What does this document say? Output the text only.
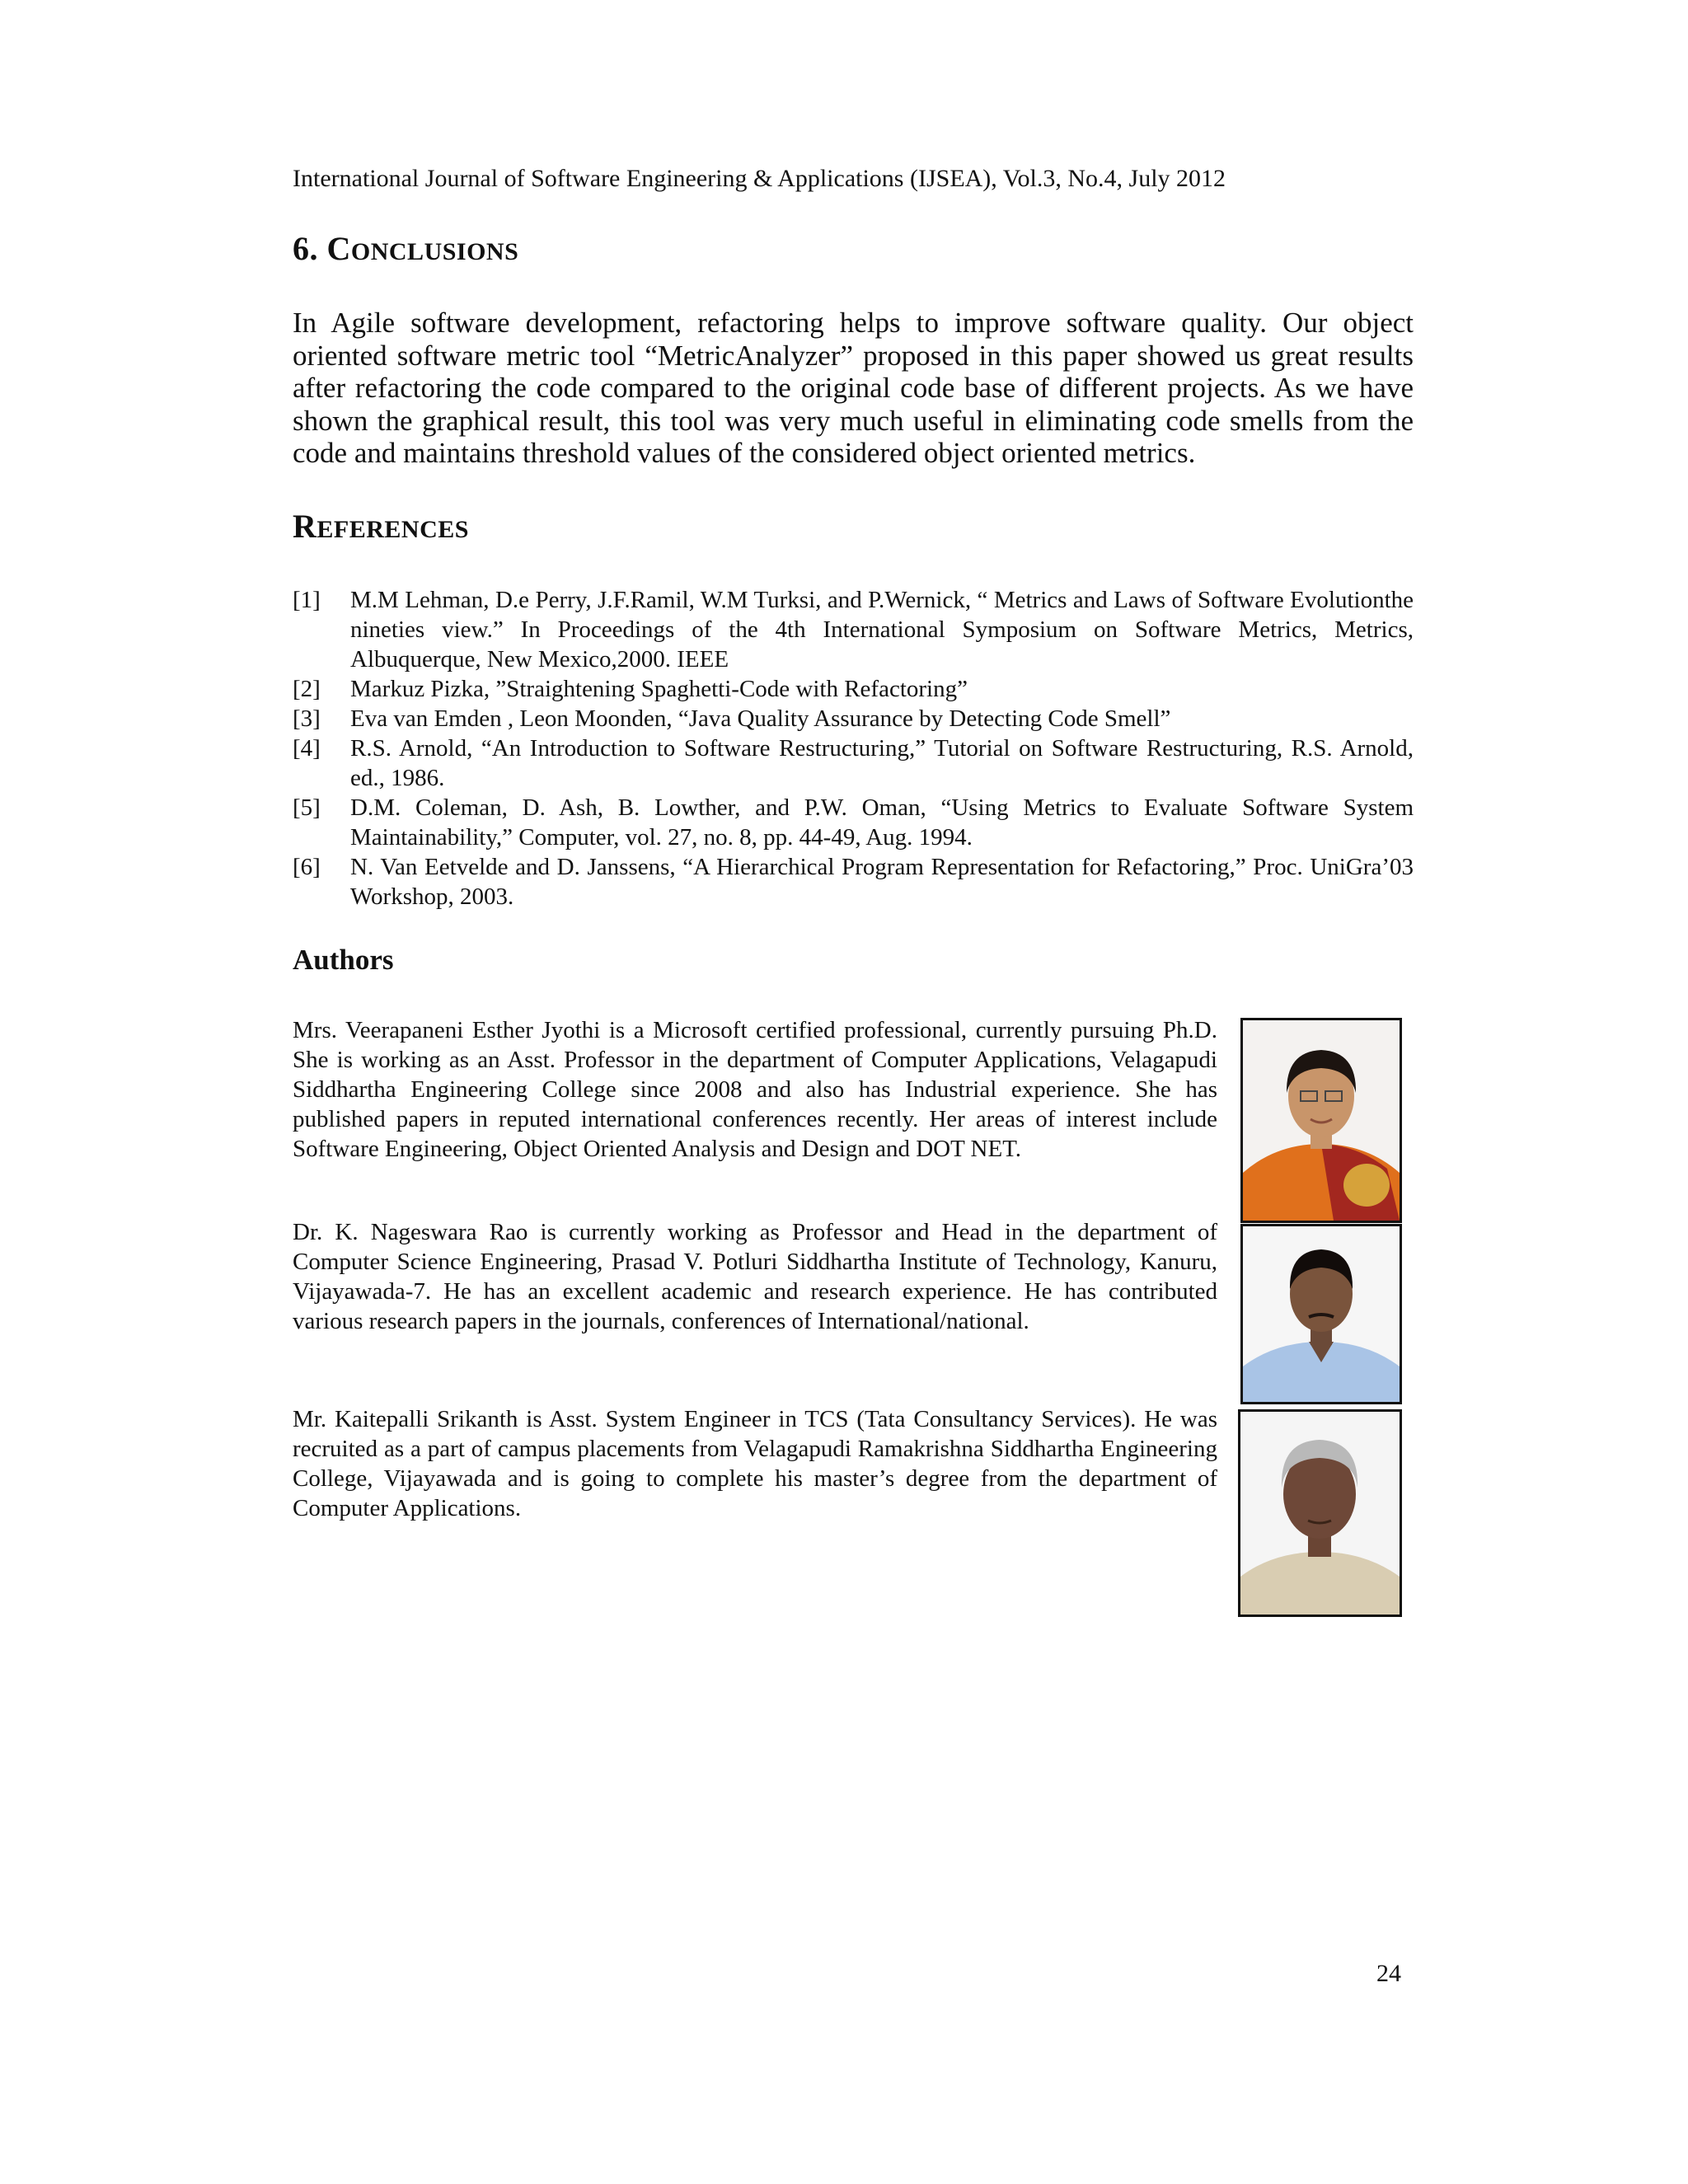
International Journal of Software Engineering & Applications (IJSEA), Vol.3, No.4, July 2012
6. CONCLUSIONS
In Agile software development, refactoring helps to improve software quality. Our object oriented software metric tool “MetricAnalyzer” proposed in this paper showed us great results after refactoring the code compared to the original code base of different projects. As we have shown the graphical result, this tool was very much useful in eliminating code smells from the code and maintains threshold values of the considered object oriented metrics.
REFERENCES
[1]	M.M Lehman, D.e Perry, J.F.Ramil, W.M Turksi, and P.Wernick, “ Metrics and Laws of Software Evolutionthe nineties view.” In Proceedings of the 4th International Symposium on Software Metrics, Metrics, Albuquerque, New Mexico,2000. IEEE
[2]	Markuz Pizka, ”Straightening Spaghetti-Code with Refactoring”
[3]	Eva van Emden , Leon Moonden, “Java Quality Assurance by Detecting Code Smell”
[4]	R.S. Arnold, “An Introduction to Software Restructuring,” Tutorial on Software Restructuring, R.S. Arnold, ed., 1986.
[5]	D.M. Coleman, D. Ash, B. Lowther, and P.W. Oman, “Using Metrics to Evaluate Software System Maintainability,” Computer, vol. 27, no. 8, pp. 44-49, Aug. 1994.
[6]	N. Van Eetvelde and D. Janssens, “A Hierarchical Program Representation for Refactoring,” Proc. UniGra’03 Workshop, 2003.
Authors
Mrs. Veerapaneni Esther Jyothi is a Microsoft certified professional, currently pursuing Ph.D. She is working as an Asst. Professor in the department of Computer Applications, Velagapudi Siddhartha Engineering College since 2008 and also has Industrial experience. She has published papers in reputed international conferences recently. Her areas of interest include Software Engineering, Object Oriented Analysis and Design and DOT NET.
Dr. K. Nageswara Rao is currently working as Professor and Head in the department of Computer Science Engineering, Prasad V. Potluri Siddhartha Institute of Technology, Kanuru, Vijayawada-7. He has an excellent academic and research experience. He has contributed various research papers in the journals, conferences of International/national.
Mr. Kaitepalli Srikanth is Asst. System Engineer in TCS (Tata Consultancy Services). He was recruited as a part of campus placements from Velagapudi Ramakrishna Siddhartha Engineering College, Vijayawada and is going to complete his master’s degree from the department of Computer Applications.
24
